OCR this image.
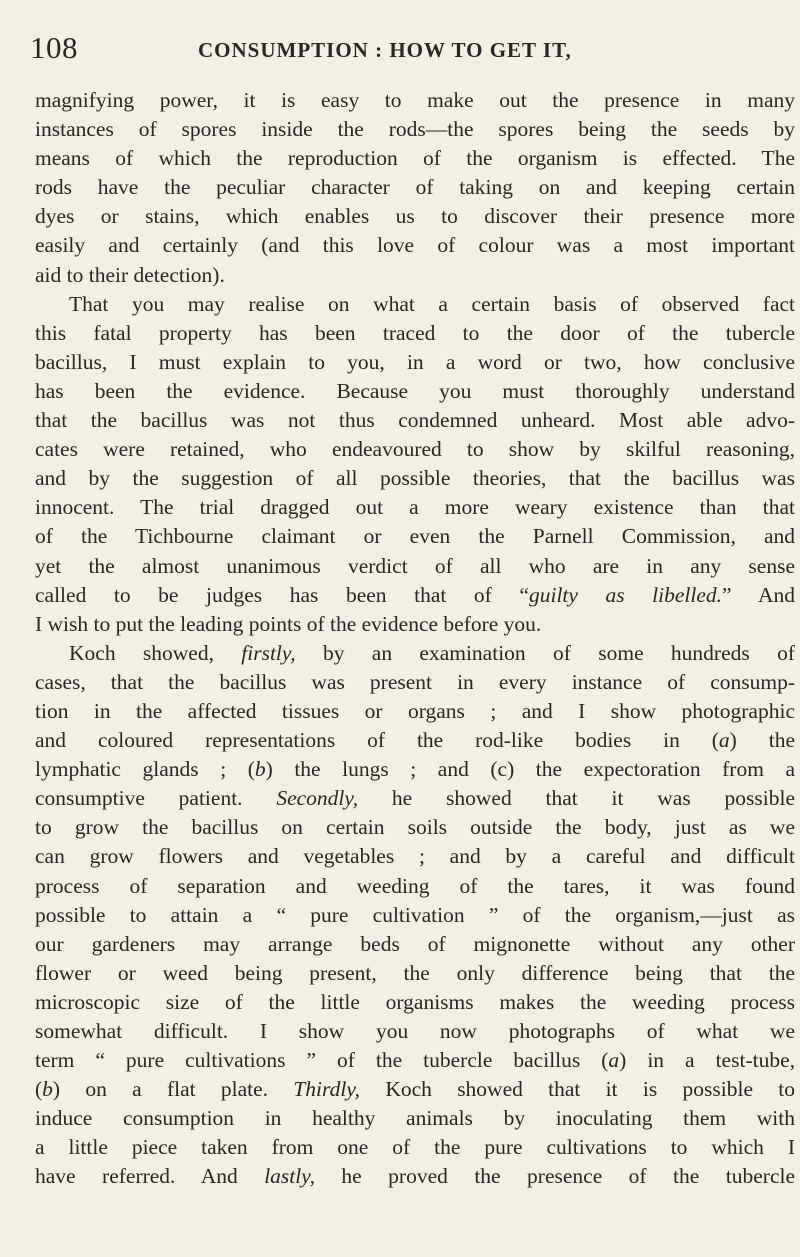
108	CONSUMPTION : HOW TO GET IT,
magnifying power, it is easy to make out the presence in many
instances of spores inside the rods—the spores being the seeds by
means of which the reproduction of the organism is effected. The
rods have the peculiar character of taking on and keeping certain
dyes or stains, which enables us to discover their presence more
easily and certainly (and this love of colour was a most important
aid to their detection).
That you may realise on what a certain basis of observed fact
this fatal property has been traced to the door of the tubercle
bacillus, I must explain to you, in a word or two, how conclusive
has been the evidence. Because you must thoroughly understand
that the bacillus was not thus condemned unheard. Most able advo-
cates were retained, who endeavoured to show by skilful reasoning,
and by the suggestion of all possible theories, that the bacillus was
innocent. The trial dragged out a more weary existence than that
of the Tichbourne claimant or even the Parnell Commission, and
yet the almost unanimous verdict of all who are in any sense
called to be judges has been that of “guilty as libelled.” And
I wish to put the leading points of the evidence before you.
Koch showed, firstly, by an examination of some hundreds of
cases, that the bacillus was present in every instance of consump-
tion in the affected tissues or organs ; and I show photographic
and coloured representations of the rod-like bodies in (a) the
lymphatic glands ; (b) the lungs ; and (c) the expectoration from a
consumptive patient. Secondly, he showed that it was possible
to grow the bacillus on certain soils outside the body, just as we
can grow flowers and vegetables ; and by a careful and difficult
process of separation and weeding of the tares, it was found
possible to attain a “ pure cultivation ” of the organism,—just as
our gardeners may arrange beds of mignonette without any other
flower or weed being present, the only difference being that the
microscopic size of the little organisms makes the weeding process
somewhat difficult. I show you now photographs of what we
term “ pure cultivations ” of the tubercle bacillus (a) in a test-tube,
(b) on a flat plate. Thirdly, Koch showed that it is possible to
induce consumption in healthy animals by inoculating them with
a little piece taken from one of the pure cultivations to which I
have referred. And lastly, he proved the presence of the tubercle
